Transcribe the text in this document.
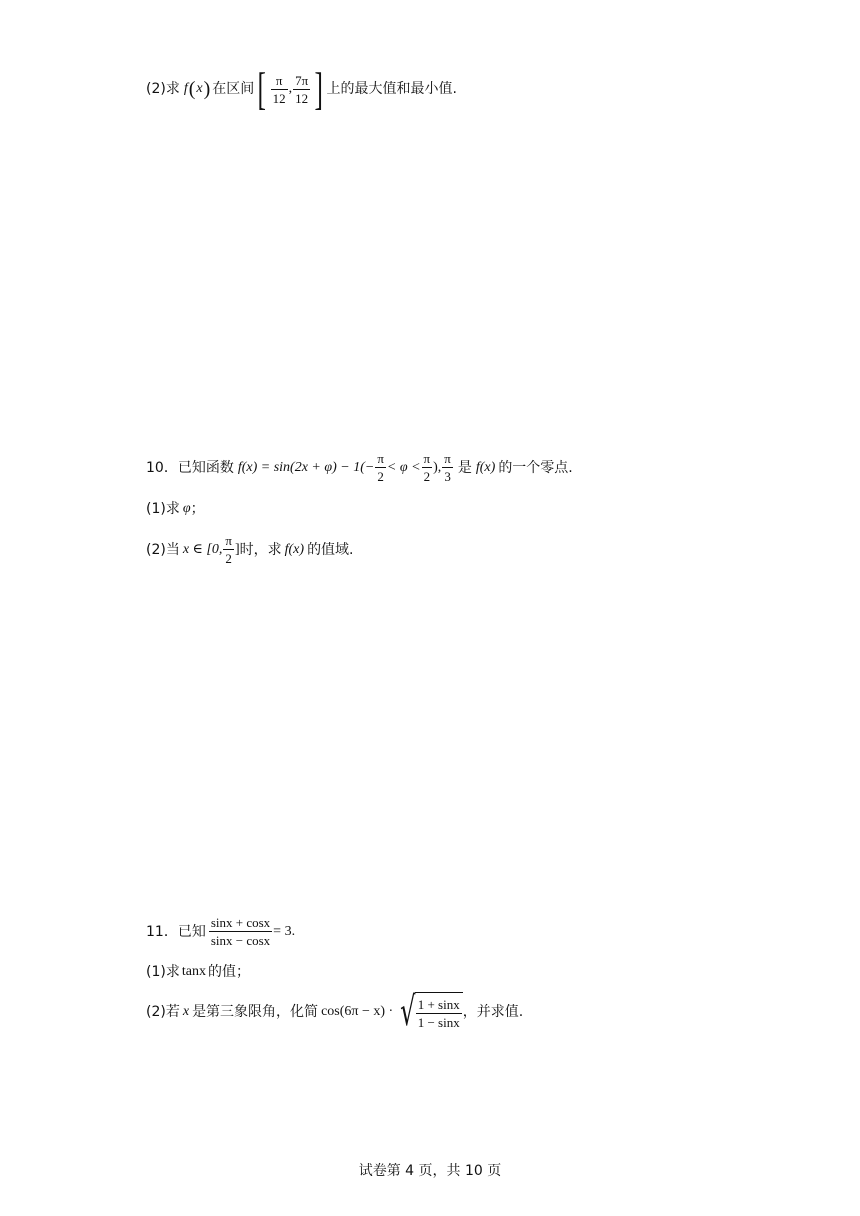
(2)求 f ( x ) 在区间 [ $\frac{\pi}{12}$ , $\frac{7\pi}{12}$ ] 上的最大值和最小值.
10．已知函数 $f(x) = \sin(2x + \varphi) - 1(- \frac{\pi}{2} < \varphi < \frac{\pi}{2}$ ), $\frac{\pi}{3}$ 是 f(x) 的一个零点.
(1)求 φ ；
(2)当 x ∈ [0, $\frac{\pi}{2}$ ] 时，求 f(x) 的值域.
11．已知 $\frac{\sin x + \cos x}{\sin x - \cos x} = 3$.
(1)求 tanx 的值；
(2)若 x 是第三象限角，化简 cos(6π − x) · √ $\frac{1 + \sin x}{1 - \sin x}$ ，并求值.
试卷第 4 页，共 10 页
